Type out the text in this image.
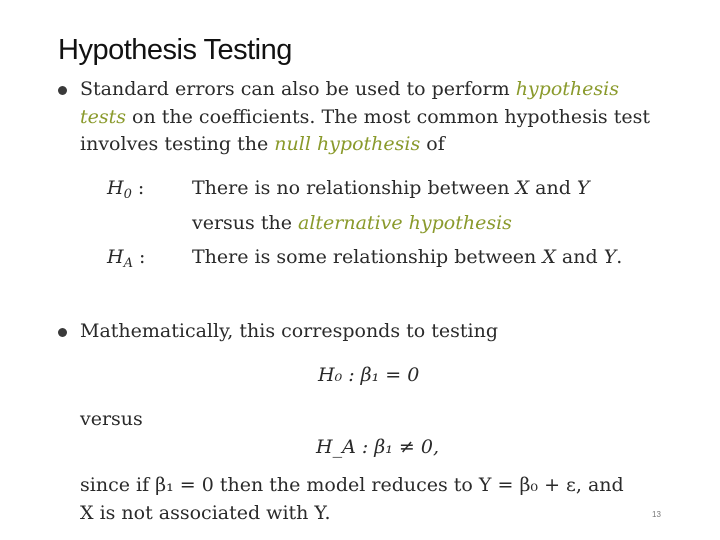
Hypothesis Testing
Standard errors can also be used to perform hypothesis
tests on the coefficients. The most common hypothesis test
involves testing the null hypothesis of
$H_0$ :	There is no relationship between X and Y
versus the alternative hypothesis
$H_A$ : There is some relationship between X and Y.
Mathematically, this corresponds to testing
H₀ : β₁ = 0
versus
H_A : β₁ ≠ 0,
since if β₁ = 0 then the model reduces to Y = β₀ + ε, and
X is not associated with Y.	13
